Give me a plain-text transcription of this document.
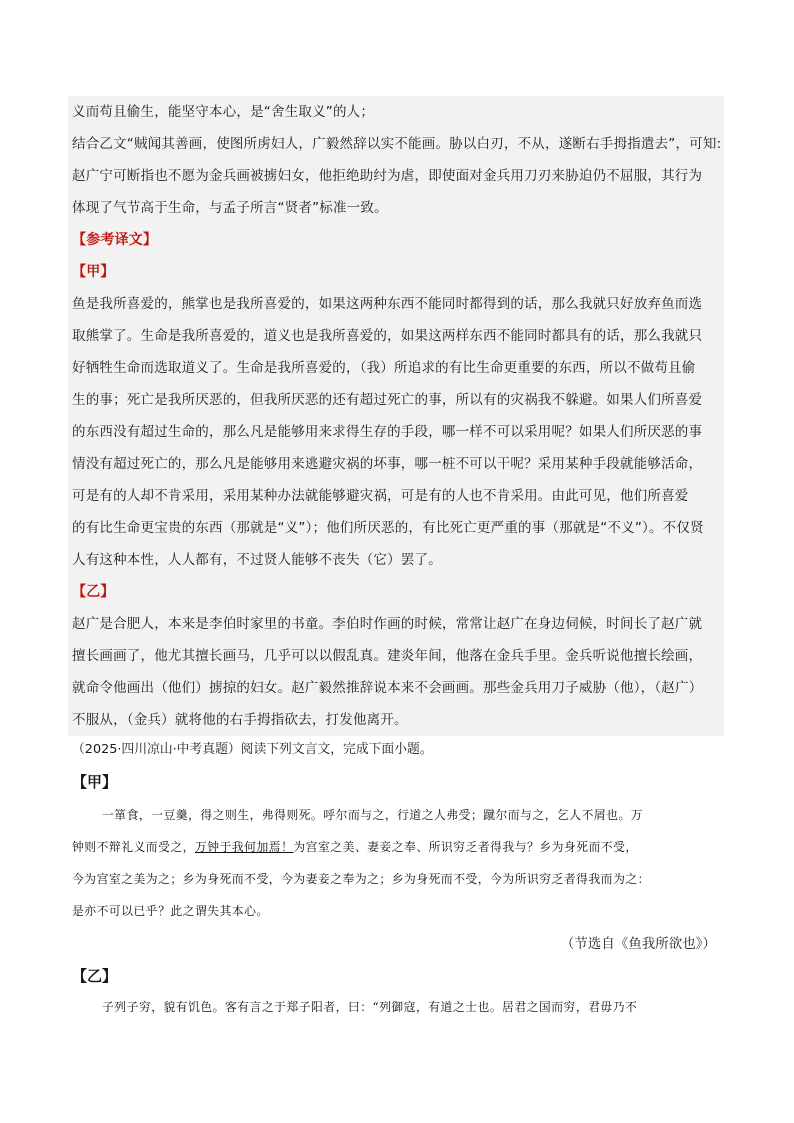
义而苟且偷生，能坚守本心，是“舍生取义”的人；
结合乙文“贼闻其善画，使图所虏妇人，广毅然辞以实不能画。胁以白刃，不从，遂断右手拇指遣去”，可知:
赵广宁可断指也不愿为金兵画被掳妇女，他拒绝助纣为虐，即使面对金兵用刀刃来胁迫仍不屈服，其行为
体现了气节高于生命，与孟子所言“贤者”标准一致。
【参考译文】
【甲】
鱼是我所喜爱的，熊掌也是我所喜爱的，如果这两种东西不能同时都得到的话，那么我就只好放弃鱼而选
取熊掌了。生命是我所喜爱的，道义也是我所喜爱的，如果这两样东西不能同时都具有的话，那么我就只
好牺牲生命而选取道义了。生命是我所喜爱的，（我）所追求的有比生命更重要的东西，所以不做苟且偷
生的事；死亡是我所厌恶的，但我所厌恶的还有超过死亡的事，所以有的灾祸我不躲避。如果人们所喜爱
的东西没有超过生命的，那么凡是能够用来求得生存的手段，哪一样不可以采用呢？如果人们所厌恶的事
情没有超过死亡的，那么凡是能够用来逃避灾祸的坏事，哪一桩不可以干呢？采用某种手段就能够活命，
可是有的人却不肯采用，采用某种办法就能够避灾祸，可是有的人也不肯采用。由此可见，他们所喜爱
的有比生命更宝贵的东西（那就是“义”）；他们所厌恶的，有比死亡更严重的事（那就是“不义”）。不仅贤
人有这种本性，人人都有，不过贤人能够不丧失（它）罢了。
【乙】
赵广是合肥人，本来是李伯时家里的书童。李伯时作画的时候，常常让赵广在身边伺候，时间长了赵广就
擅长画画了，他尤其擅长画马，几乎可以以假乱真。建炎年间，他落在金兵手里。金兵听说他擅长绘画，
就命令他画出（他们）掳掠的妇女。赵广毅然推辞说本来不会画画。那些金兵用刀子威胁（他），（赵广）
不服从，（金兵）就将他的右手拇指砍去，打发他离开。
（2025·四川凉山·中考真题）阅读下列文言文，完成下面小题。
【甲】
一箪食，一豆羹，得之则生，弗得则死。呼尔而与之，行道之人弗受；蹴尔而与之，乞人不屑也。万
钟则不辩礼义而受之，万钟于我何加焉！为宫室之美、妻妾之奉、所识穷乏者得我与？乡为身死而不受，
今为宫室之美为之；乡为身死而不受，今为妻妾之奉为之；乡为身死而不受，今为所识穷乏者得我而为之：
是亦不可以已乎？此之谓失其本心。
（节选自《鱼我所欲也》）
【乙】
子列子穷，貌有饥色。客有言之于郑子阳者，曰：“列御寇，有道之士也。居君之国而穷，君毋乃不
